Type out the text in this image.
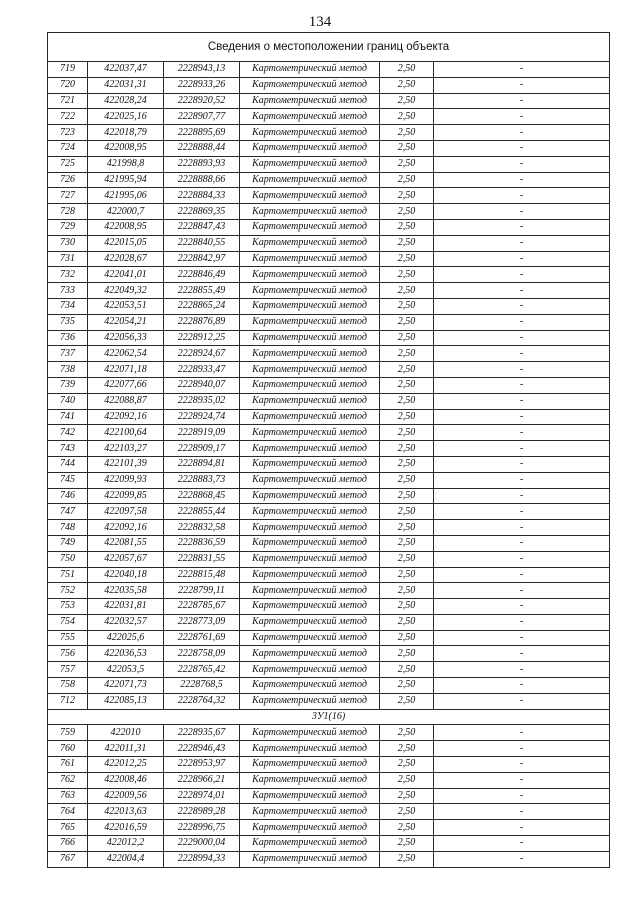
134
Сведения о местоположении границ объекта					
719	422037,47	2228943,13	Картометрический метод	2,50	-
720	422031,31	2228933,26	Картометрический метод	2,50	-
721	422028,24	2228920,52	Картометрический метод	2,50	-
722	422025,16	2228907,77	Картометрический метод	2,50	-
723	422018,79	2228895,69	Картометрический метод	2,50	-
724	422008,95	2228888,44	Картометрический метод	2,50	-
725	421998,8	2228893,93	Картометрический метод	2,50	-
726	421995,94	2228888,66	Картометрический метод	2,50	-
727	421995,06	2228884,33	Картометрический метод	2,50	-
728	422000,7	2228869,35	Картометрический метод	2,50	-
729	422008,95	2228847,43	Картометрический метод	2,50	-
730	422015,05	2228840,55	Картометрический метод	2,50	-
731	422028,67	2228842,97	Картометрический метод	2,50	-
732	422041,01	2228846,49	Картометрический метод	2,50	-
733	422049,32	2228855,49	Картометрический метод	2,50	-
734	422053,51	2228865,24	Картометрический метод	2,50	-
735	422054,21	2228876,89	Картометрический метод	2,50	-
736	422056,33	2228912,25	Картометрический метод	2,50	-
737	422062,54	2228924,67	Картометрический метод	2,50	-
738	422071,18	2228933,47	Картометрический метод	2,50	-
739	422077,66	2228940,07	Картометрический метод	2,50	-
740	422088,87	2228935,02	Картометрический метод	2,50	-
741	422092,16	2228924,74	Картометрический метод	2,50	-
742	422100,64	2228919,09	Картометрический метод	2,50	-
743	422103,27	2228909,17	Картометрический метод	2,50	-
744	422101,39	2228894,81	Картометрический метод	2,50	-
745	422099,93	2228883,73	Картометрический метод	2,50	-
746	422099,85	2228868,45	Картометрический метод	2,50	-
747	422097,58	2228855,44	Картометрический метод	2,50	-
748	422092,16	2228832,58	Картометрический метод	2,50	-
749	422081,55	2228836,59	Картометрический метод	2,50	-
750	422057,67	2228831,55	Картометрический метод	2,50	-
751	422040,18	2228815,48	Картометрический метод	2,50	-
752	422035,58	2228799,11	Картометрический метод	2,50	-
753	422031,81	2228785,67	Картометрический метод	2,50	-
754	422032,57	2228773,09	Картометрический метод	2,50	-
755	422025,6	2228761,69	Картометрический метод	2,50	-
756	422036,53	2228758,09	Картометрический метод	2,50	-
757	422053,5	2228765,42	Картометрический метод	2,50	-
758	422071,73	2228768,5	Картометрический метод	2,50	-
712	422085,13	2228764,32	Картометрический метод	2,50	-
3У1(16)					
759	422010	2228935,67	Картометрический метод	2,50	-
760	422011,31	2228946,43	Картометрический метод	2,50	-
761	422012,25	2228953,97	Картометрический метод	2,50	-
762	422008,46	2228966,21	Картометрический метод	2,50	-
763	422009,56	2228974,01	Картометрический метод	2,50	-
764	422013,63	2228989,28	Картометрический метод	2,50	-
765	422016,59	2228996,75	Картометрический метод	2,50	-
766	422012,2	2229000,04	Картометрический метод	2,50	-
767	422004,4	2228994,33	Картометрический метод	2,50	-
